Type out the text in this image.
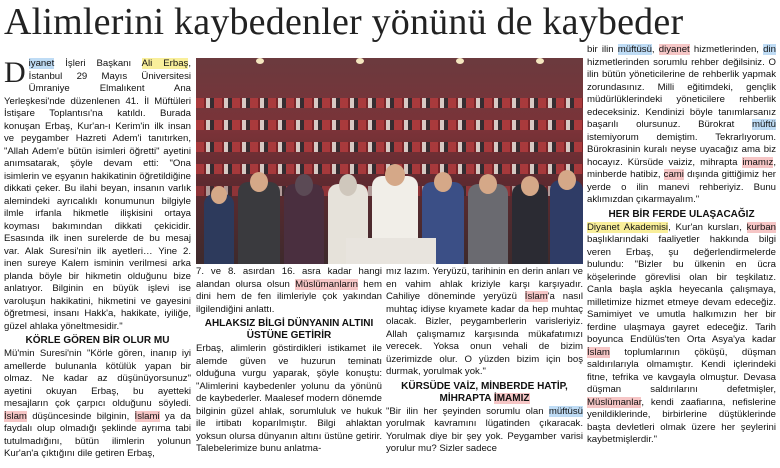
Alimlerini kaybedenler yönünü de kaybeder

Diyanet İşleri Başkanı Ali Erbaş, İstanbul 29 Mayıs Üniversitesi Ümraniye Elmalıkent Ana Yerleşkesi'nde düzenlenen 41. İl Müftüleri İstişare Toplantısı'na katıldı. Burada konuşan Erbaş, Kur'an-ı Kerim'in ilk insan ve peygamber Hazreti Adem'i tanıtırken, "Allah Adem'e bütün isimleri öğretti" ayetini anımsatarak, şöyle devam etti: "Ona isimlerin ve eşyanın hakikatinin öğretildiğine dikkati çeker. Bu ilahi beyan, insanın varlık alemindeki ayrıcalıklı konumunun bilgiyle ilmle irfanla hikmetle ilişkisini ortaya koyması bakımından dikkati çekicidir. Esasında ilk inen surelerde de bu mesaj var. Alak Suresi'nin ilk ayetleri… Yine 2. inen sureye Kalem isminin verilmesi arka planda böyle bir hikmetin olduğunu bize anlatıyor. Bilginin en büyük işlevi ise varoluşun hakikatini, hikmetini ve gayesini öğretmesi, insanı Hakk'a, hakikate, iyiliğe, güzel ahlaka yöneltmesidir."

KÖRLE GÖREN BİR OLUR MU

Mü'min Suresi'nin "Körle gören, inanıp iyi amellerde bulunanla kötülük yapan bir olmaz. Ne kadar az düşünüyorsunuz" ayetini okuyan Erbaş, bu ayetteki mesajların çok çarpıcı olduğunu söyledi. İslam düşüncesinde bilginin, İslami ya da faydalı olup olmadığı şeklinde ayrıma tabi tutulmadığını, bütün ilimlerin yolunun Kur'an'a çıktığını dile getiren Erbaş,

7. ve 8. asırdan 16. asra kadar hangi alandan olursa olsun Müslümanların hem dini hem de fen ilimleriyle çok yakından ilgilendiğini anlattı.

AHLAKSIZ BİLGİ DÜNYANIN ALTINI ÜSTÜNE GETİRİR

Erbaş, alimlerin göstirdikleri istikamet ile alemde güven ve huzurun teminatı olduğuna vurgu yaparak, şöyle konuştu: "Alimlerini kaybedenler yolunu da yönünü de kaybederler. Maalesef modern dönemde bilginin güzel ahlak, sorumluluk ve hukuk ile irtibatı koparılmıştır. Bilgi ahlaktan yoksun olursa dünyanın altını üstüne getirir. Talebelerimize bunu anlatma-

mız lazım. Yeryüzü, tarihinin en derin anları ve en vahim ahlak kriziyle karşı karşıyadır. Cahiliye döneminde yeryüzü İslam'a nasıl muhtaç idiyse kıyamete kadar da hep muhtaç olacak. Bizler, peygamberlerin varisleriyiz. Allah çalışmamız karşısında mükafatımızı verecek. Yoksa onun vehali de bizim üzerimizde olur. O yüzden bizim için boş durmak, yorulmak yok."

KÜRSÜDE VAİZ, MİNBERDE HATİP, MİHRAPTA İMAMIZ

"Bir ilin her şeyinden sorumlu olan müftüsü yorulmak kavramını lügatinden çıkaracak. Yorulmak diye bir şey yok. Peygamber varisi yorulur mu? Sizler sadece

bir ilin müftüsü, diyanet hizmetlerinden, din hizmetlerinden sorumlu rehber değilsiniz. O ilin bütün yöneticilerine de rehberlik yapmak zorundasınız. Milli eğitimdeki, gençlik müdürlüklerindeki yöneticilere rehberlik edeceksiniz. Kendinizi böyle tanımlarsanız başarılı olursunuz. Bürokrat müftü istemiyorum demiştim. Tekrarlıyorum. Bürokrasinin kuralı neyse uyacağız ama biz hocayız. Kürsüde vaiziz, mihrapta imamız, minberde hatibiz, cami dışında gittiğimiz her yerde o ilin manevi rehberiyiz. Bunu aklımızdan çıkarmayalım."

HER BİR FERDE ULAŞACAĞIZ

Diyanet Akademisi, Kur'an kursları, kurban başlıklarındaki faaliyetler hakkında bilgi veren Erbaş, şu değerlendirmelerde bulundu: "Bizler bu ülkenin en ücra köşelerinde görevlisi olan bir teşkilatız. Canla başla aşkla heyecanla çalışmaya, milletimize hizmet etmeye devam edeceğiz. Samimiyet ve umutla halkımızın her bir ferdine ulaşmaya gayret edeceğiz. Tarih boyunca Endülüs'ten Orta Asya'ya kadar İslam toplumlarının çöküşü, düşman saldırılarıyla olmamıştır. Kendi içlerindeki fitne, tefrika ve kavgayla olmuştur. Devasa düşman saldırılarını defetmişler, Müslümanlar, kendi zaafiarına, nefislerine yenildiklerinde, birbirlerine düştüklerinde başta devletleri olmak üzere her şeylerini kaybetmişlerdir."
